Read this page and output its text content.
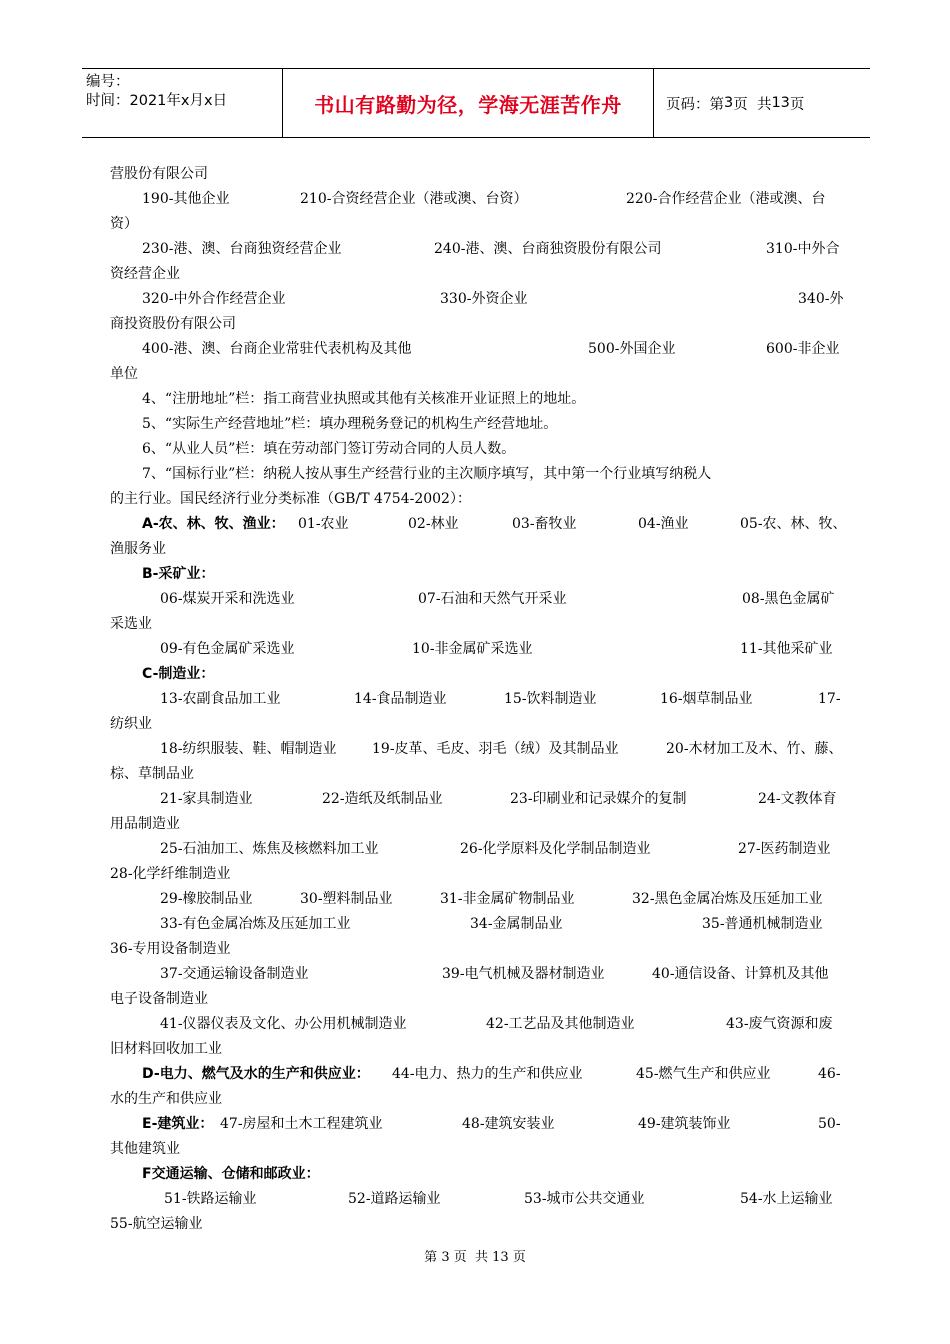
编号：
时间：2021年x月x日	书山有路勤为径，学海无涯苦作舟	页码：第 3 页  共 13 页
营股份有限公司
190-其他企业	210-合资经营企业（港或澳、台资）	220-合作经营企业（港或澳、台
资）
230-港、澳、台商独资经营企业	240-港、澳、台商独资股份有限公司	310-中外合
资经营企业
320-中外合作经营企业	330-外资企业	340-外
商投资股份有限公司
400-港、澳、台商企业常驻代表机构及其他	500-外国企业	600-非企业
单位
4、“注册地址”栏：指工商营业执照或其他有关核准开业证照上的地址。
5、“实际生产经营地址”栏：填办理税务登记的机构生产经营地址。
6、“从业人员”栏：填在劳动部门签订劳动合同的人员人数。
7、“国标行业”栏：纳税人按从事生产经营行业的主次顺序填写，其中第一个行业填写纳税人
的主行业。国民经济行业分类标准（GB/T 4754-2002）：
A-农、林、牧、渔业： 01-农业	02-林业	03-畜牧业	04-渔业	05-农、林、牧、
渔服务业
B-采矿业：
06-煤炭开采和洗选业	07-石油和天然气开采业	08-黑色金属矿
采选业
09-有色金属矿采选业	10-非金属矿采选业	11-其他采矿业
C-制造业：
13-农副食品加工业	14-食品制造业	15-饮料制造业	16-烟草制品业	17-
纺织业
18-纺织服装、鞋、帽制造业	19-皮革、毛皮、羽毛（绒）及其制品业	20-木材加工及木、竹、藤、
棕、草制品业
21-家具制造业	22-造纸及纸制品业	23-印刷业和记录媒介的复制	24-文教体育
用品制造业
25-石油加工、炼焦及核燃料加工业	26-化学原料及化学制品制造业	27-医药制造业
28-化学纤维制造业
29-橡胶制品业	30-塑料制品业	31-非金属矿物制品业	32-黑色金属冶炼及压延加工业
33-有色金属冶炼及压延加工业	34-金属制品业	35-普通机械制造业
36-专用设备制造业
37-交通运输设备制造业	39-电气机械及器材制造业	40-通信设备、计算机及其他
电子设备制造业
41-仪器仪表及文化、办公用机械制造业	42-工艺品及其他制造业	43-废气资源和废
旧材料回收加工业
D-电力、燃气及水的生产和供应业： 44-电力、热力的生产和供应业	45-燃气生产和供应业	46-
水的生产和供应业
E-建筑业： 47-房屋和土木工程建筑业	48-建筑安装业	49-建筑装饰业	50-
其他建筑业
F交通运输、仓储和邮政业：
51-铁路运输业	52-道路运输业	53-城市公共交通业	54-水上运输业
55-航空运输业
第 3 页  共 13 页
